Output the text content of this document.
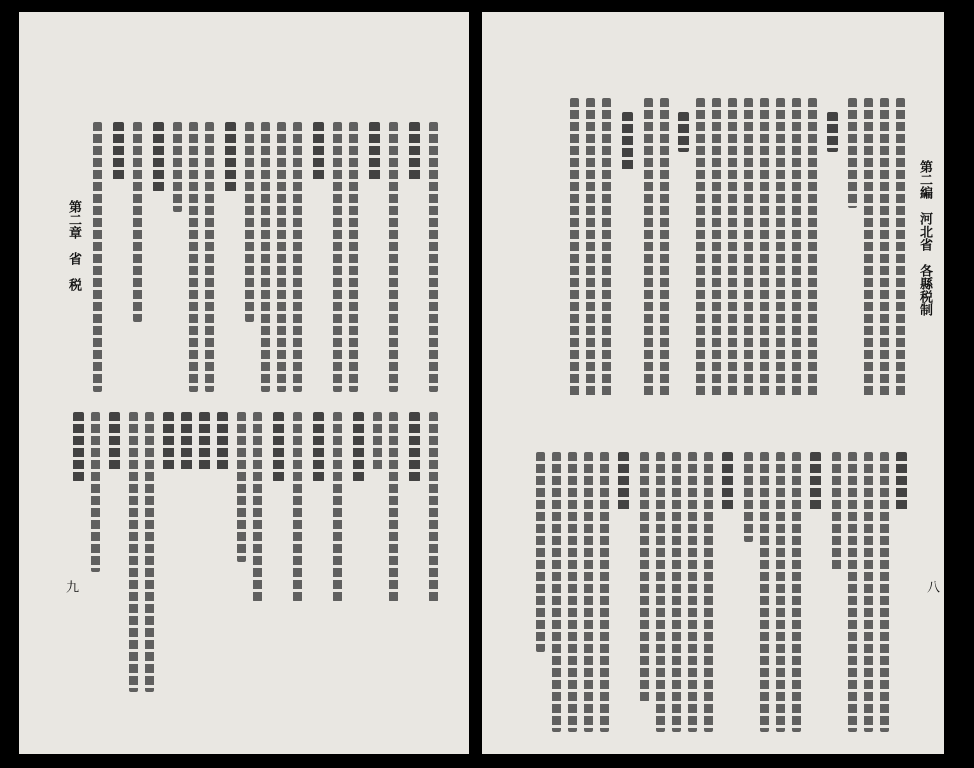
第二編　河北省　各縣税制
八
第二章　省　税
九
